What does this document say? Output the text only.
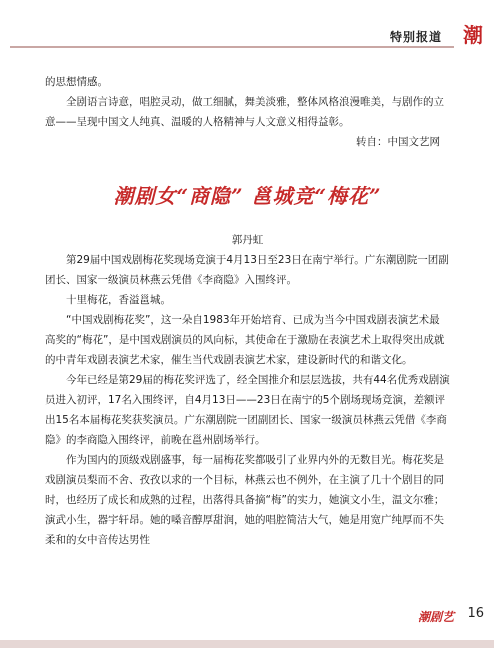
特别报道 潮

的思想情感。

全剧语言诗意，唱腔灵动，做工细腻，舞美淡雅，整体风格浪漫唯美，与剧作的立意——呈现中国文人纯真、温暖的人格精神与人文意义相得益彰。

转自：中国文艺网

潮剧女“商隐” 邕城竞“梅花”

郭丹虹

第29届中国戏剧梅花奖现场竞演于4月13日至23日在南宁举行。广东潮剧院一团副团长、国家一级演员林燕云凭借《李商隐》入围终评。

十里梅花，香溢邕城。

“中国戏剧梅花奖”，这一朵自1983年开始培育、已成为当今中国戏剧表演艺术最高奖的“梅花”，是中国戏剧演员的风向标，其使命在于激励在表演艺术上取得突出成就的中青年戏剧表演艺术家，催生当代戏剧表演艺术家，建设新时代的和谐文化。

今年已经是第29届的梅花奖评选了，经全国推介和层层选拔，共有44名优秀戏剧演员进入初评，17名入围终评，自4月13日——23日在南宁的5个剧场现场竞演，差额评出15名本届梅花奖获奖演员。广东潮剧院一团副团长、国家一级演员林燕云凭借《李商隐》的李商隐入围终评，前晚在邕州剧场举行。

作为国内的顶级戏剧盛事，每一届梅花奖都吸引了业界内外的无数目光。梅花奖是戏剧演员梨而不舍、孜孜以求的一个目标，林燕云也不例外，在主演了几十个剧目的同时，也经历了成长和成熟的过程，出落得具备摘“梅”的实力，她演文小生，温文尔雅；演武小生，器宇轩昂。她的嗓音醇厚甜润，她的唱腔简洁大气，她是用宽广纯厚而不失柔和的女中音传达男性

潮剧艺 16
